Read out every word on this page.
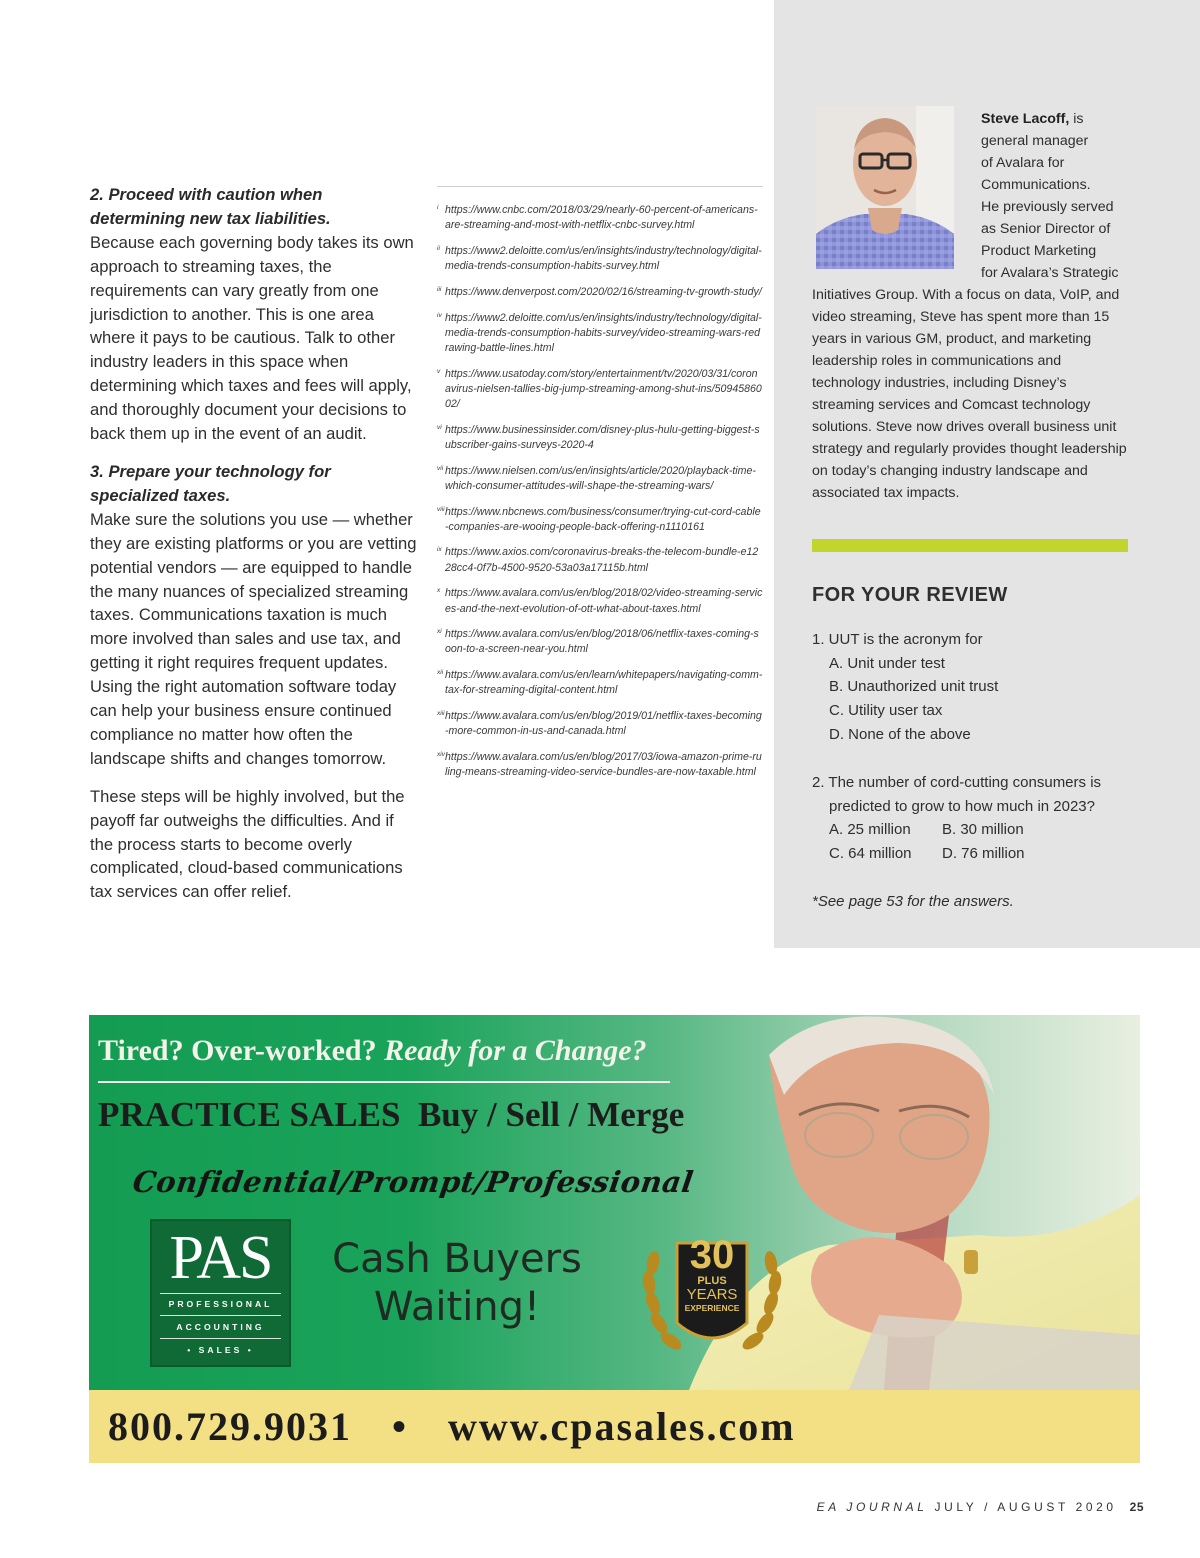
2. Proceed with caution when determining new tax liabilities.
Because each governing body takes its own approach to streaming taxes, the requirements can vary greatly from one jurisdiction to another. This is one area where it pays to be cautious. Talk to other industry leaders in this space when determining which taxes and fees will apply, and thoroughly document your decisions to back them up in the event of an audit.

3. Prepare your technology for specialized taxes.
Make sure the solutions you use — whether they are existing platforms or you are vetting potential vendors — are equipped to handle the many nuances of specialized streaming taxes. Communications taxation is much more involved than sales and use tax, and getting it right requires frequent updates. Using the right automation software today can help your business ensure continued compliance no matter how often the landscape shifts and changes tomorrow.

These steps will be highly involved, but the payoff far outweighs the difficulties. And if the process starts to become overly complicated, cloud-based communications tax services can offer relief.

i https://www.cnbc.com/2018/03/29/nearly-60-percent-of-americans-are-streaming-and-most-with-netflix-cnbc-survey.html
ii https://www2.deloitte.com/us/en/insights/industry/technology/digital-media-trends-consumption-habits-survey.html
iii https://www.denverpost.com/2020/02/16/streaming-tv-growth-study/
iv https://www2.deloitte.com/us/en/insights/industry/technology/digital-media-trends-consumption-habits-survey/video-streaming-wars-redrawing-battle-lines.html
v https://www.usatoday.com/story/entertainment/tv/2020/03/31/coronavirus-nielsen-tallies-big-jump-streaming-among-shut-ins/5094586002/
vi https://www.businessinsider.com/disney-plus-hulu-getting-biggest-subscriber-gains-surveys-2020-4
vii https://www.nielsen.com/us/en/insights/article/2020/playback-time-which-consumer-attitudes-will-shape-the-streaming-wars/
viii https://www.nbcnews.com/business/consumer/trying-cut-cord-cable-companies-are-wooing-people-back-offering-n1110161
ix https://www.axios.com/coronavirus-breaks-the-telecom-bundle-e1228cc4-0f7b-4500-9520-53a03a17115b.html
x https://www.avalara.com/us/en/blog/2018/02/video-streaming-services-and-the-next-evolution-of-ott-what-about-taxes.html
xi https://www.avalara.com/us/en/blog/2018/06/netflix-taxes-coming-soon-to-a-screen-near-you.html
xii https://www.avalara.com/us/en/learn/whitepapers/navigating-comm-tax-for-streaming-digital-content.html
xiii https://www.avalara.com/us/en/blog/2019/01/netflix-taxes-becoming-more-common-in-us-and-canada.html
xiv https://www.avalara.com/us/en/blog/2017/03/iowa-amazon-prime-ruling-means-streaming-video-service-bundles-are-now-taxable.html
Steve Lacoff, is
general manager
of Avalara for
Communications.
He previously served
as Senior Director of
Product Marketing
for Avalara’s Strategic
Initiatives Group. With a focus on data, VoIP, and video streaming, Steve has spent more than 15 years in various GM, product, and marketing leadership roles in communications and technology industries, including Disney’s streaming services and Comcast technology solutions. Steve now drives overall business unit strategy and regularly provides thought leadership on today’s changing industry landscape and associated tax impacts.
FOR YOUR REVIEW
1. UUT is the acronym for
A. Unit under test
B. Unauthorized unit trust
C. Utility user tax
D. None of the above
2. The number of cord-cutting consumers is
predicted to grow to how much in 2023?
A. 25 million	B. 30 million
C. 64 million	D. 76 million
*See page 53 for the answers.
Tired? Over-worked? Ready for a Change?
PRACTICE SALES Buy / Sell / Merge
Confidential/Prompt/Professional
PAS
PROFESSIONAL
ACCOUNTING
• SALES •
Cash Buyers
Waiting!
30
PLUS
YEARS
EXPERIENCE
800.729.9031 • www.cpasales.com
EA JOURNAL JULY / AUGUST 2020 25
